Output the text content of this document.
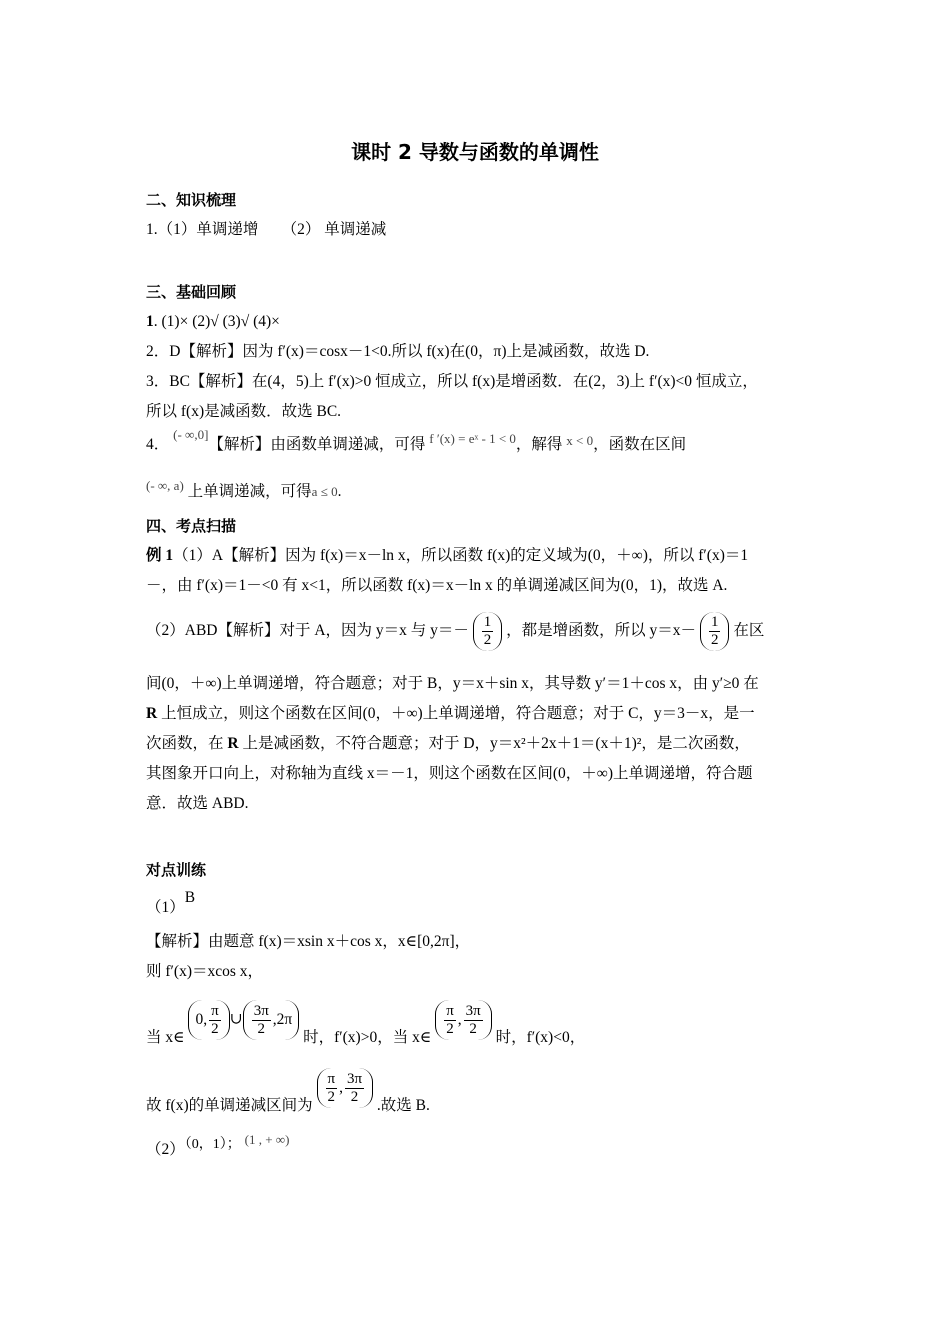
课时 2 导数与函数的单调性
二、知识梳理
1.（1）单调递增　　（2） 单调递减
三、基础回顾
1. (1)× (2)√ (3)√ (4)×
2．D【解析】因为 f′(x)＝cosx－1<0.所以 f(x)在(0，π)上是减函数，故选 D.
3．BC【解析】在(4，5)上 f′(x)>0 恒成立，所以 f(x)是增函数．在(2，3)上 f′(x)<0 恒成立，
所以 f(x)是减函数．故选 BC.
4． $^{(- \infty,0]}$【解析】由函数单调递减，可得 $^{f '(x) = eˣ - 1 < 0}$，解得 $^{x < 0}$，函数在区间
$^{(- \infty, a)}$ 上单调递减，可得a ≤ 0.
四、考点扫描
例 1（1）A【解析】因为 f(x)＝x－ln x，所以函数 f(x)的定义域为(0，＋∞)，所以 f′(x)＝1
－，由 f′(x)＝1－<0 有 x<1，所以函数 f(x)＝x－ln x 的单调递减区间为(0，1)，故选 A.
（2）ABD【解析】对于 A，因为 y＝x 与 $y=- \frac{1}{2}$ ，都是增函数，所以 $y=x- \frac{1}{2}$ 在区
间(0，＋∞)上单调递增，符合题意；对于 B，y＝x＋sin x，其导数 y′＝1＋cos x，由 y′≥0 在
R 上恒成立，则这个函数在区间(0，＋∞)上单调递增，符合题意；对于 C，y＝3－x，是一
次函数，在 R 上是减函数，不符合题意；对于 D，y＝x²＋2x＋1＝(x＋1)²，是二次函数，
其图象开口向上，对称轴为直线 x＝－1，则这个函数在区间(0，＋∞)上单调递增，符合题
意．故选 ABD.
对点训练
（1）B
【解析】由题意 f(x)＝xsin x＋cos x，x∈[0,2π]，
则 f′(x)＝xcos x，
当 x∈ 0, $\frac{\pi}{2}$ ∪ $\frac{3\pi}{2} ,2\pi$ 时，f′(x)>0，当 x∈ $\frac{\pi}{2}$ , $\frac{3\pi}{2}$ 时，f′(x)<0，
故 f(x)的单调递减区间为 $\frac{\pi}{2}$ , $\frac{3\pi}{2}$ .故选 B.
（2）（0，1）； $^{(1 , + \infty)}$
